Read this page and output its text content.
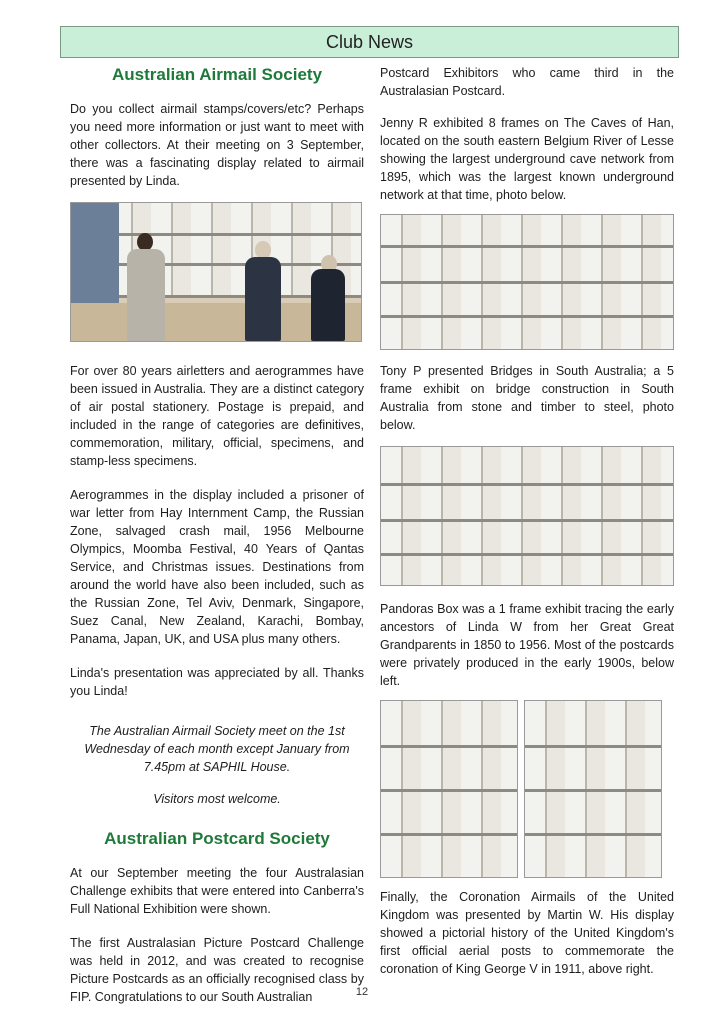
Club News
Australian Airmail Society

Do you collect airmail stamps/covers/etc? Perhaps you need more information or just want to meet with other collectors. At their meeting on 3 September, there was a fascinating display related to airmail presented by Linda.

For over 80 years airletters and aerogrammes have been issued in Australia. They are a distinct category of air postal stationery. Postage is prepaid, and included in the range of categories are definitives, commemoration, military, official, specimens, and stamp-less specimens.

Aerogrammes in the display included a prisoner of war letter from Hay Internment Camp, the Russian Zone, salvaged crash mail, 1956 Melbourne Olympics, Moomba Festival, 40 Years of Qantas Service, and Christmas issues. Destinations from around the world have also been included, such as the Russian Zone, Tel Aviv, Denmark, Singapore, Suez Canal, New Zealand, Karachi, Bombay, Panama, Japan, UK, and USA plus many others.

Linda's presentation was appreciated by all. Thanks you Linda!

The Australian Airmail Society meet on the 1st Wednesday of each month except January from 7.45pm at SAPHIL House.

Visitors most welcome.

Australian Postcard Society

At our September meeting the four Australasian Challenge exhibits that were entered into Canberra's Full National Exhibition were shown.

The first Australasian Picture Postcard Challenge was held in 2012, and was created to recognise Picture Postcards as an officially recognised class by FIP. Congratulations to our South Australian

Postcard Exhibitors who came third in the Australasian Postcard.

Jenny R exhibited 8 frames on The Caves of Han, located on the south eastern Belgium River of Lesse showing the largest underground cave network from 1895, which was the largest known underground network at that time, photo below.

Tony P presented Bridges in South Australia; a 5 frame exhibit on bridge construction in South Australia from stone and timber to steel, photo below.

Pandoras Box was a 1 frame exhibit tracing the early ancestors of Linda W from her Great Great Grandparents in 1850 to 1956. Most of the postcards were privately produced in the early 1900s, below left.

Finally, the Coronation Airmails of the United Kingdom was presented by Martin W. His display showed a pictorial history of the United Kingdom's first official aerial posts to commemorate the coronation of King George V in 1911, above right.

12
